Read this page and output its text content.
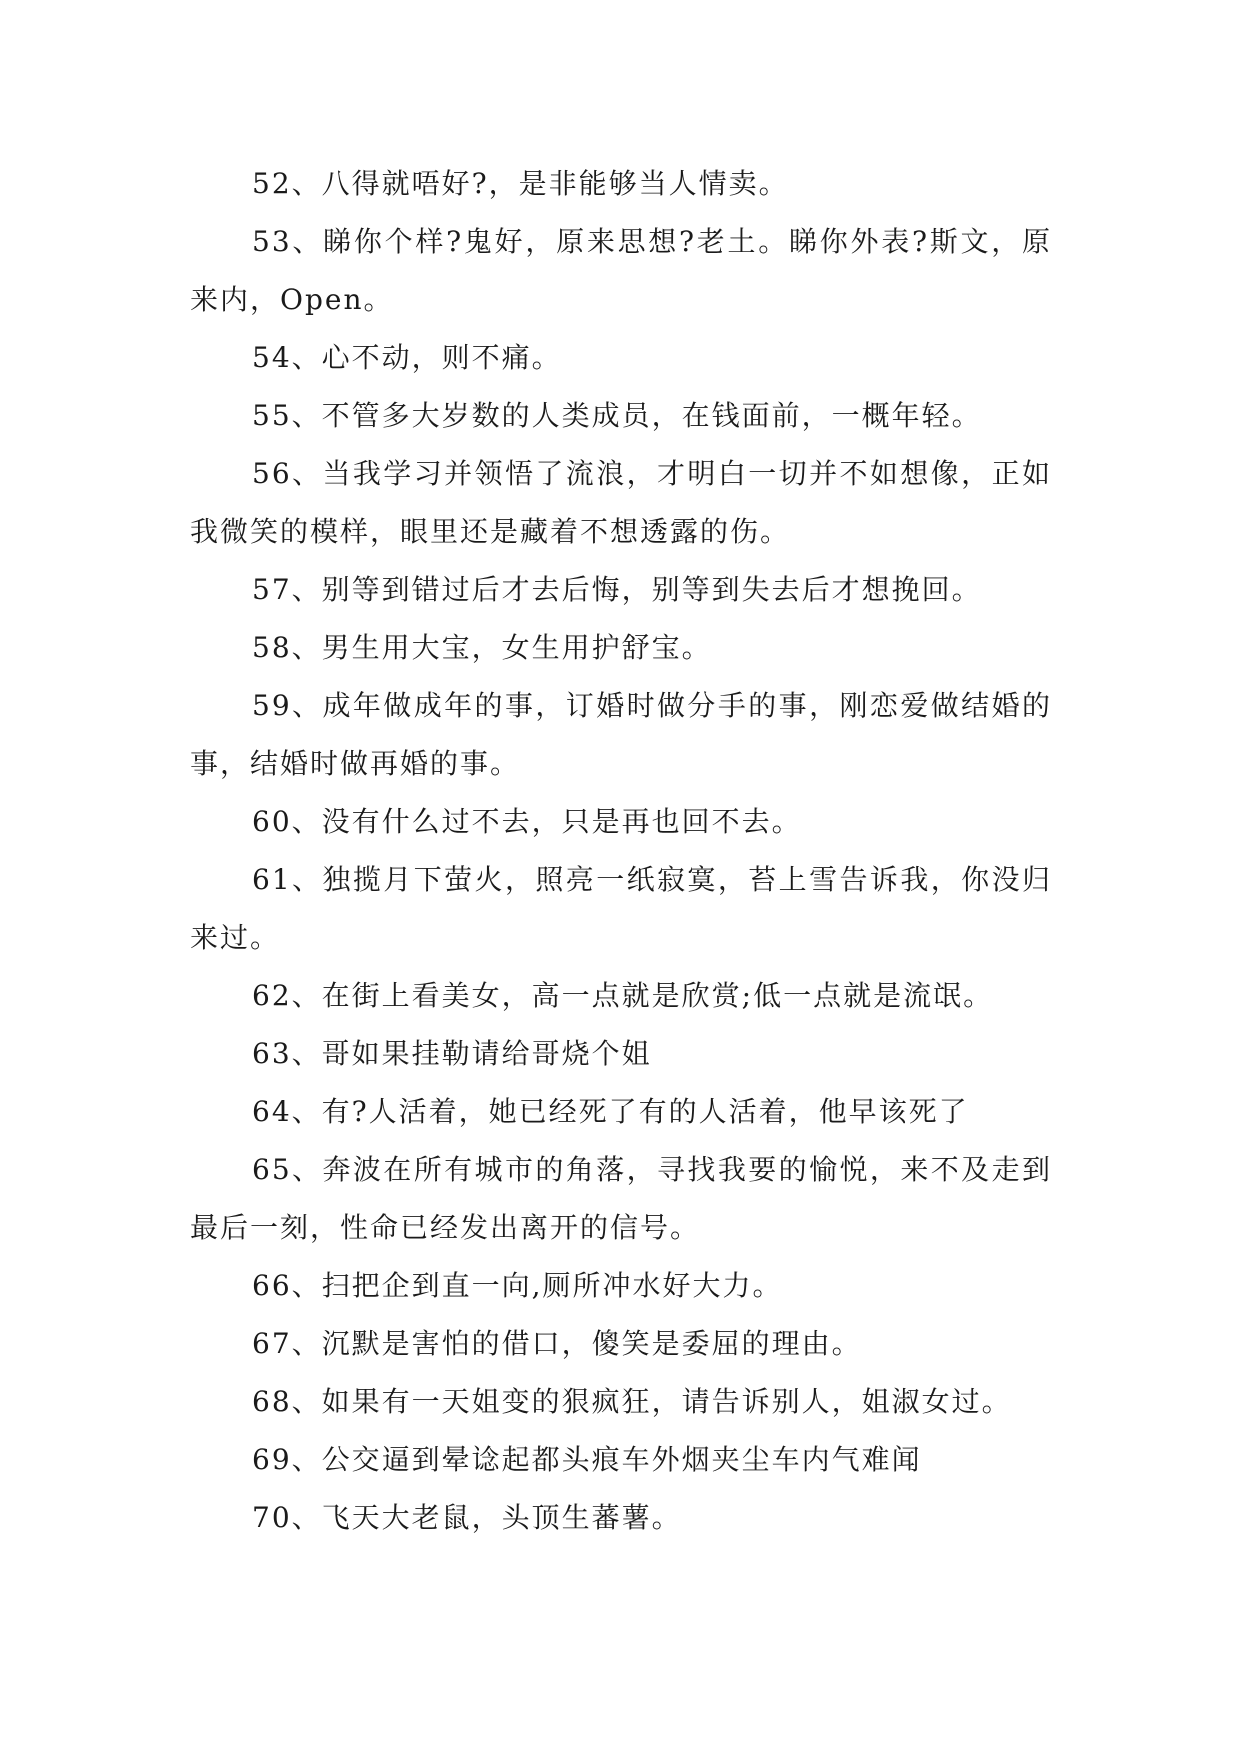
52、八得就唔好?，是非能够当人情卖。

53、睇你个样?鬼好，原来思想?老土。睇你外表?斯文，原来内，Open。

54、心不动，则不痛。

55、不管多大岁数的人类成员，在钱面前，一概年轻。

56、当我学习并领悟了流浪，才明白一切并不如想像，正如我微笑的模样，眼里还是藏着不想透露的伤。

57、别等到错过后才去后悔，别等到失去后才想挽回。

58、男生用大宝，女生用护舒宝。

59、成年做成年的事，订婚时做分手的事，刚恋爱做结婚的事，结婚时做再婚的事。

60、没有什么过不去，只是再也回不去。

61、独揽月下萤火，照亮一纸寂寞，苔上雪告诉我，你没归来过。

62、在街上看美女，高一点就是欣赏;低一点就是流氓。

63、哥如果挂勒请给哥烧个姐

64、有?人活着，她已经死了有的人活着，他早该死了

65、奔波在所有城市的角落，寻找我要的愉悦，来不及走到最后一刻，性命已经发出离开的信号。

66、扫把企到直一向,厕所冲水好大力。

67、沉默是害怕的借口，傻笑是委屈的理由。

68、如果有一天姐变的狠疯狂，请告诉别人，姐淑女过。

69、公交逼到晕谂起都头痕车外烟夹尘车内气难闻

70、飞天大老鼠，头顶生蕃薯。
